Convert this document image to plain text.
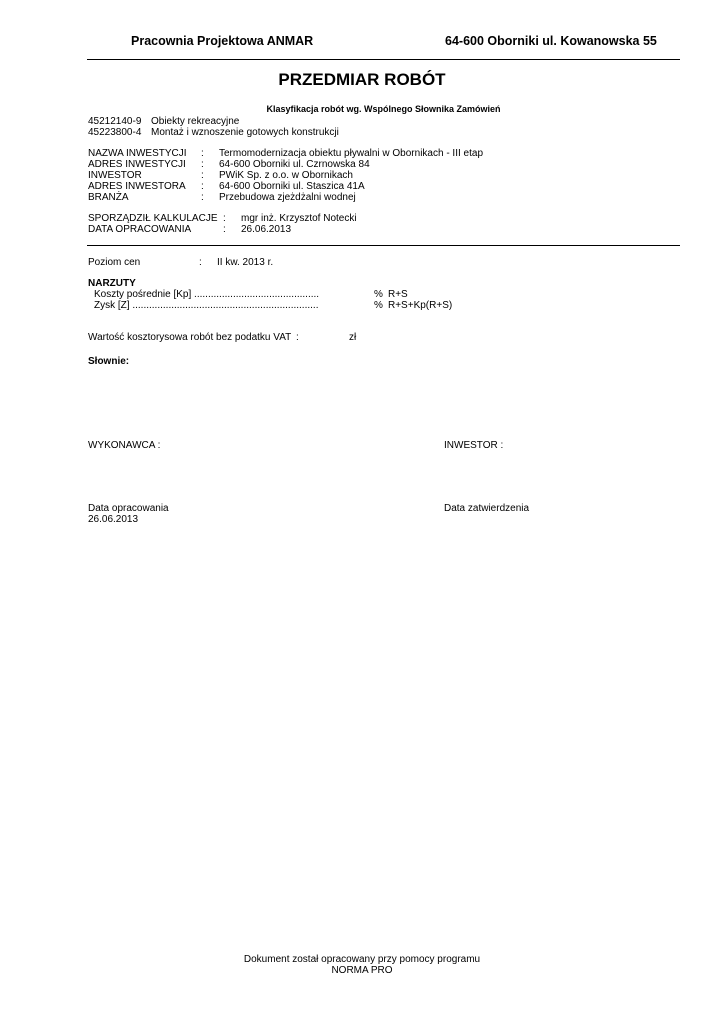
Pracownia Projektowa ANMAR	64-600 Oborniki ul. Kowanowska 55
PRZEDMIAR ROBÓT
Klasyfikacja robót wg. Wspólnego Słownika Zamówień
45212140-9 Obiekty rekreacyjne
45223800-4 Montaż i wznoszenie gotowych konstrukcji
NAZWA INWESTYCJI : Termomodernizacja obiektu pływalni w Obornikach - III etap
ADRES INWESTYCJI : 64-600 Oborniki ul. Czrnowska 84
INWESTOR	: PWiK Sp. z o.o. w Obornikach
ADRES INWESTORA : 64-600 Oborniki ul. Staszica 41A
BRANŻA	: Przebudowa zjeżdżalni wodnej
SPORZĄDZIŁ KALKULACJE : mgr inż. Krzysztof Notecki
DATA OPRACOWANIA	: 26.06.2013
Poziom cen	: II kw. 2013 r.
NARZUTY
Koszty pośrednie [Kp] .............................................	% R+S
Zysk [Z] ...................................................................	% R+S+Kp(R+S)
Wartość kosztorysowa robót bez podatku VAT :	zł
Słownie:
WYKONAWCA :	INWESTOR :
Data opracowania
26.06.2013
Data zatwierdzenia
Dokument został opracowany przy pomocy programu
NORMA PRO
